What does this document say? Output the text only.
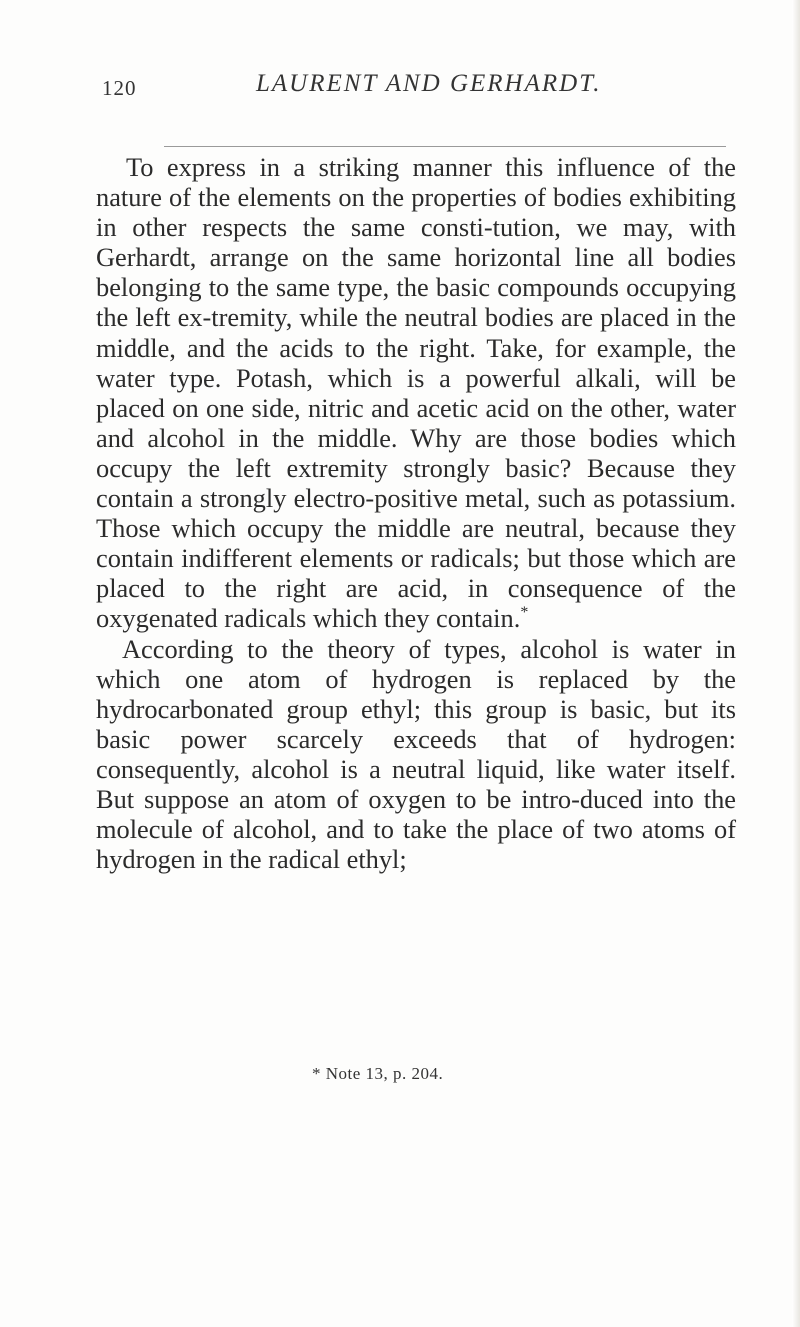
120	LAURENT AND GERHARDT.

To express in a striking manner this influence of the nature of the elements on the properties of bodies exhibiting in other respects the same consti-tution, we may, with Gerhardt, arrange on the same horizontal line all bodies belonging to the same type, the basic compounds occupying the left ex-tremity, while the neutral bodies are placed in the middle, and the acids to the right. Take, for example, the water type. Potash, which is a powerful alkali, will be placed on one side, nitric and acetic acid on the other, water and alcohol in the middle. Why are those bodies which occupy the left extremity strongly basic? Because they contain a strongly electro-positive metal, such as potassium. Those which occupy the middle are neutral, because they contain indifferent elements or radicals; but those which are placed to the right are acid, in consequence of the oxygenated radicals which they contain.*

According to the theory of types, alcohol is water in which one atom of hydrogen is replaced by the hydrocarbonated group ethyl; this group is basic, but its basic power scarcely exceeds that of hydrogen: consequently, alcohol is a neutral liquid, like water itself. But suppose an atom of oxygen to be intro-duced into the molecule of alcohol, and to take the place of two atoms of hydrogen in the radical ethyl;

* Note 13, p. 204.
